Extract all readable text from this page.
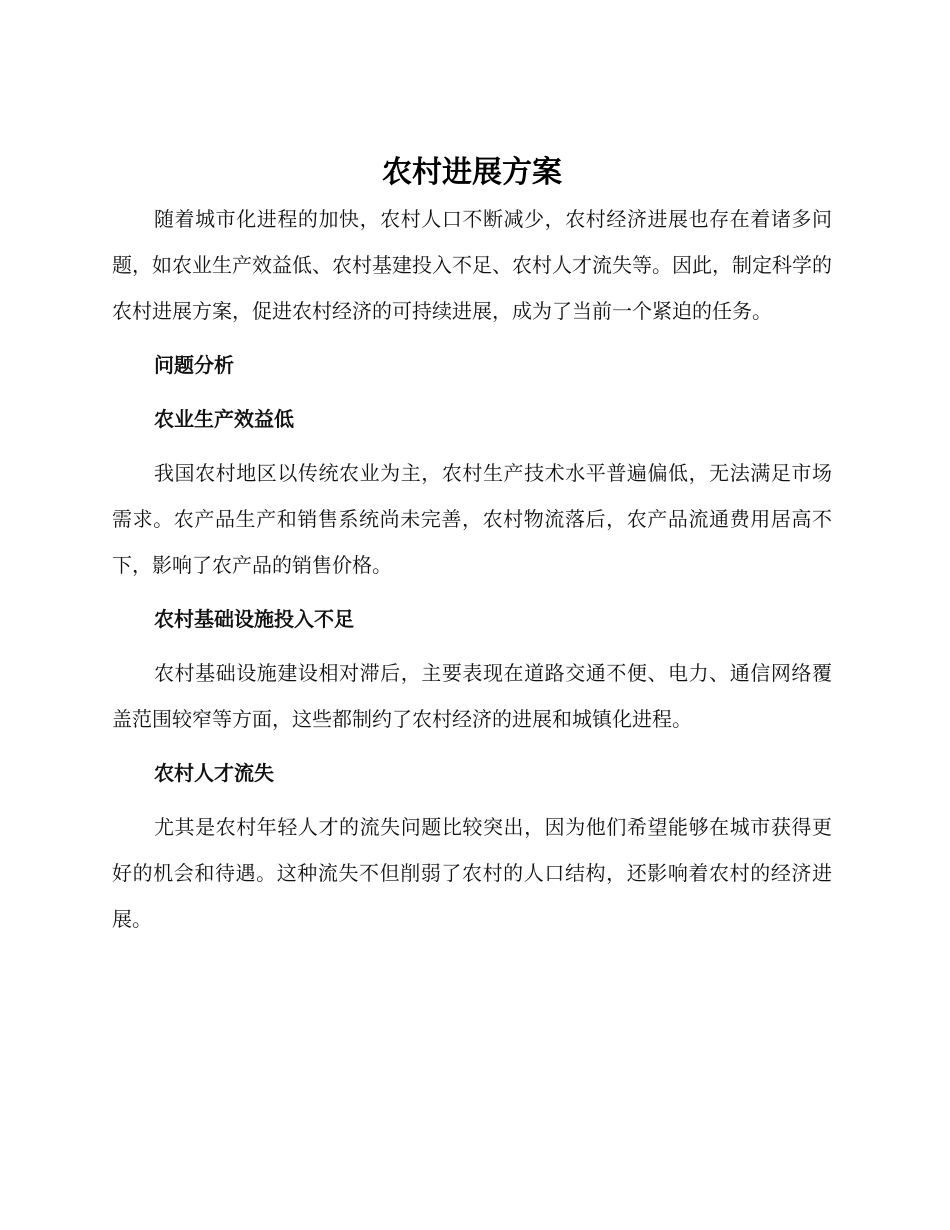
农村进展方案

随着城市化进程的加快，农村人口不断减少，农村经济进展也存在着诸多问题，如农业生产效益低、农村基建投入不足、农村人才流失等。因此，制定科学的农村进展方案，促进农村经济的可持续进展，成为了当前一个紧迫的任务。

问题分析

农业生产效益低

我国农村地区以传统农业为主，农村生产技术水平普遍偏低，无法满足市场需求。农产品生产和销售系统尚未完善，农村物流落后，农产品流通费用居高不下，影响了农产品的销售价格。

农村基础设施投入不足

农村基础设施建设相对滞后，主要表现在道路交通不便、电力、通信网络覆盖范围较窄等方面，这些都制约了农村经济的进展和城镇化进程。

农村人才流失

尤其是农村年轻人才的流失问题比较突出，因为他们希望能够在城市获得更好的机会和待遇。这种流失不但削弱了农村的人口结构，还影响着农村的经济进展。
